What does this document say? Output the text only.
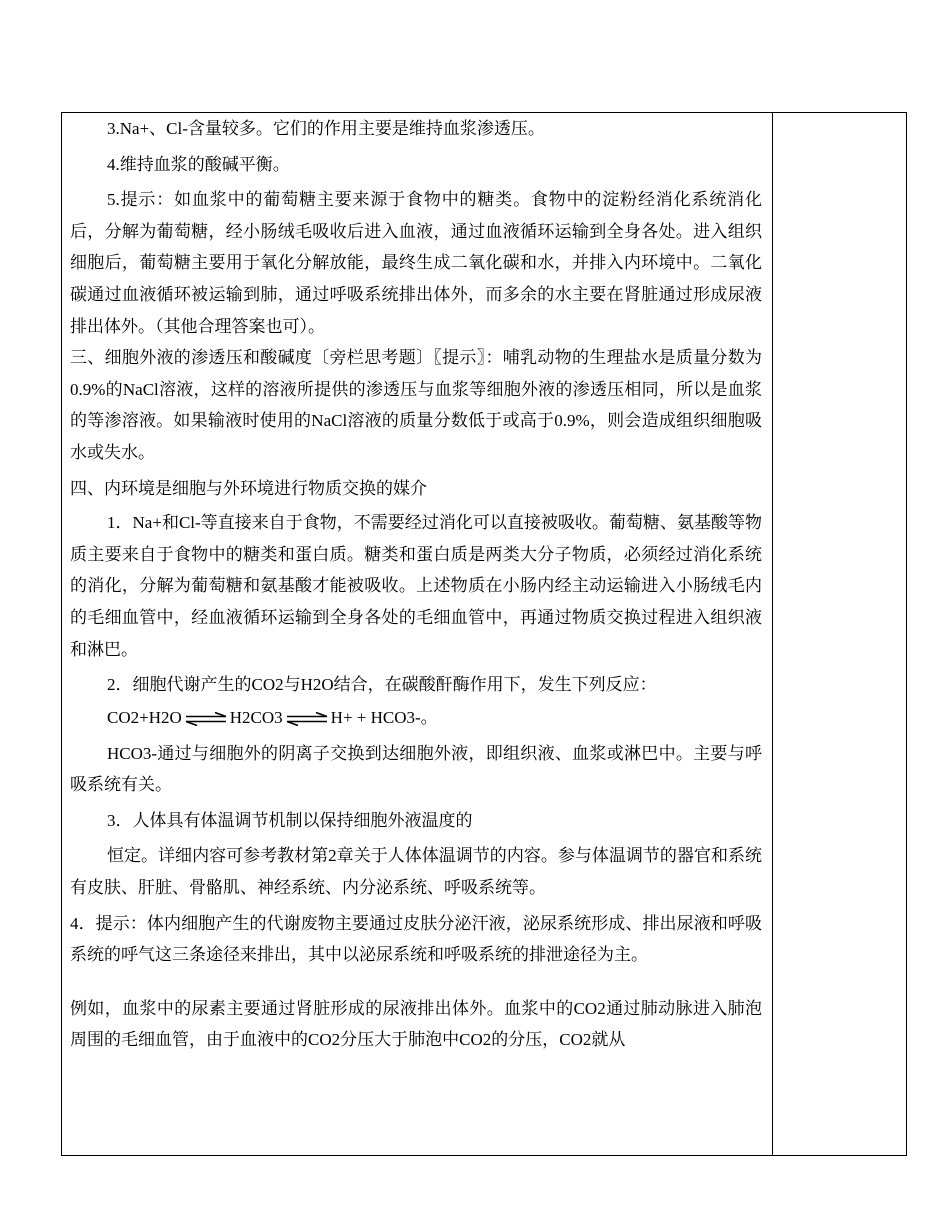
3.Na+、Cl-含量较多。它们的作用主要是维持血浆渗透压。

4.维持血浆的酸碱平衡。

5.提示：如血浆中的葡萄糖主要来源于食物中的糖类。食物中的淀粉经消化系统消化后，分解为葡萄糖，经小肠绒毛吸收后进入血液，通过血液循环运输到全身各处。进入组织细胞后，葡萄糖主要用于氧化分解放能，最终生成二氧化碳和水，并排入内环境中。二氧化碳通过血液循环被运输到肺，通过呼吸系统排出体外，而多余的水主要在肾脏通过形成尿液排出体外。（其他合理答案也可）。

三、细胞外液的渗透压和酸碱度〔旁栏思考题〕〖提示〗：哺乳动物的生理盐水是质量分数为0.9%的NaCl溶液，这样的溶液所提供的渗透压与血浆等细胞外液的渗透压相同，所以是血浆的等渗溶液。如果输液时使用的NaCl溶液的质量分数低于或高于0.9%，则会造成组织细胞吸水或失水。

四、内环境是细胞与外环境进行物质交换的媒介

1．Na+和Cl-等直接来自于食物，不需要经过消化可以直接被吸收。葡萄糖、氨基酸等物质主要来自于食物中的糖类和蛋白质。糖类和蛋白质是两类大分子物质，必须经过消化系统的消化，分解为葡萄糖和氨基酸才能被吸收。上述物质在小肠内经主动运输进入小肠绒毛内的毛细血管中，经血液循环运输到全身各处的毛细血管中，再通过物质交换过程进入组织液和淋巴。

2．细胞代谢产生的CO2与H2O结合，在碳酸酐酶作用下，发生下列反应：

CO2+H2O ⇌ H2CO3 ⇌ H+ + HCO3-。

HCO3-通过与细胞外的阴离子交换到达细胞外液，即组织液、血浆或淋巴中。主要与呼吸系统有关。

3．人体具有体温调节机制以保持细胞外液温度的

恒定。详细内容可参考教材第2章关于人体体温调节的内容。参与体温调节的器官和系统有皮肤、肝脏、骨骼肌、神经系统、内分泌系统、呼吸系统等。

4．提示：体内细胞产生的代谢废物主要通过皮肤分泌汗液，泌尿系统形成、排出尿液和呼吸系统的呼气这三条途径来排出，其中以泌尿系统和呼吸系统的排泄途径为主。

例如，血浆中的尿素主要通过肾脏形成的尿液排出体外。血浆中的CO2通过肺动脉进入肺泡周围的毛细血管，由于血液中的CO2分压大于肺泡中CO2的分压，CO2就从
